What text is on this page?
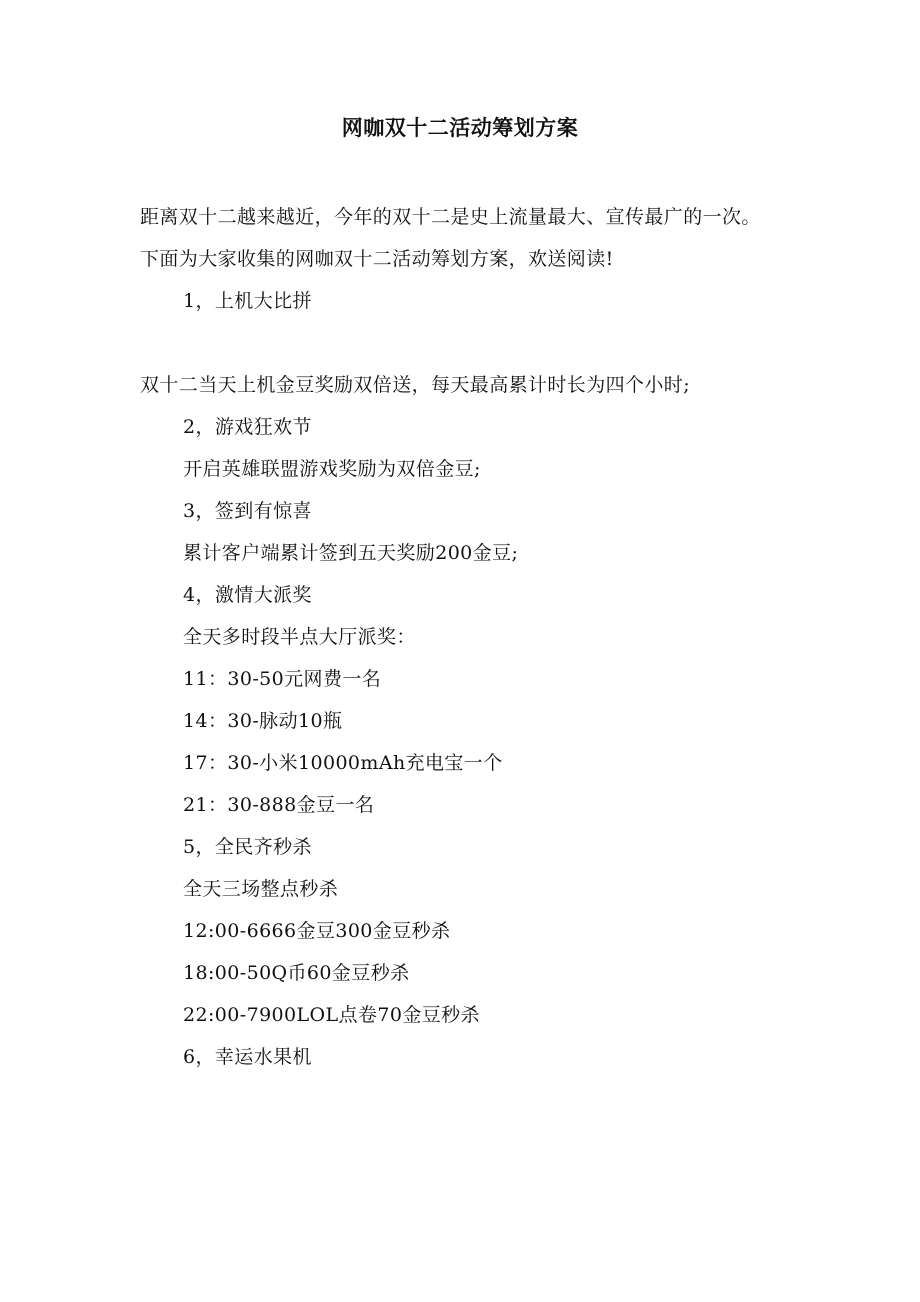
网咖双十二活动筹划方案
距离双十二越来越近，今年的双十二是史上流量最大、宣传最广的一次。下面为大家收集的网咖双十二活动筹划方案，欢送阅读!
1，上机大比拼
双十二当天上机金豆奖励双倍送，每天最高累计时长为四个小时;
2，游戏狂欢节
开启英雄联盟游戏奖励为双倍金豆;
3，签到有惊喜
累计客户端累计签到五天奖励200金豆;
4，激情大派奖
全天多时段半点大厅派奖：
11：30-50元网费一名
14：30-脉动10瓶
17：30-小米10000mAh充电宝一个
21：30-888金豆一名
5，全民齐秒杀
全天三场整点秒杀
12:00-6666金豆300金豆秒杀
18:00-50Q币60金豆秒杀
22:00-7900LOL点卷70金豆秒杀
6，幸运水果机
